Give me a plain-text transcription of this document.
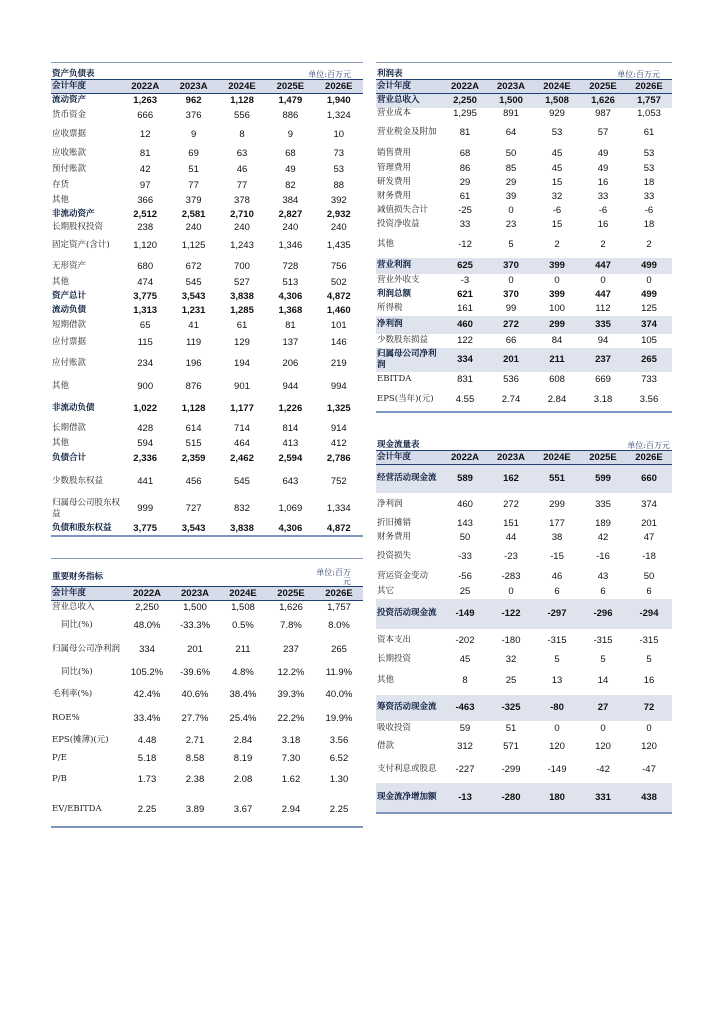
资产负债表	单位:百万元
会计年度	2022A	2023A	2024E	2025E	2026E
流动资产	1,263	962	1,128	1,479	1,940
货币资金	666	376	556	886	1,324
应收票据	12	9	8	9	10
应收账款	81	69	63	68	73
预付账款	42	51	46	49	53
存货	97	77	77	82	88
其他	366	379	378	384	392
非流动资产	2,512	2,581	2,710	2,827	2,932
长期股权投资	238	240	240	240	240
固定资产(含计)	1,120	1,125	1,243	1,346	1,435
无形资产	680	672	700	728	756
其他	474	545	527	513	502
资产总计	3,775	3,543	3,838	4,306	4,872
流动负债	1,313	1,231	1,285	1,368	1,460
短期借款	65	41	61	81	101
应付票据	115	119	129	137	146
应付账款	234	196	194	206	219
其他	900	876	901	944	994
非流动负债	1,022	1,128	1,177	1,226	1,325
长期借款	428	614	714	814	914
其他	594	515	464	413	412
负债合计	2,336	2,359	2,462	2,594	2,786
少数股东权益	441	456	545	643	752
归属母公司股东权益	999	727	832	1,069	1,334
负债和股东权益	3,775	3,543	3,838	4,306	4,872
重要财务指标	单位:百万元
会计年度	2022A	2023A	2024E	2025E	2026E
营业总收入	2,250	1,500	1,508	1,626	1,757
同比(%)	48.0%	-33.3%	0.5%	7.8%	8.0%
归属母公司净利润	334	201	211	237	265
同比(%)	105.2%	-39.6%	4.8%	12.2%	11.9%
毛利率(%)	42.4%	40.6%	38.4%	39.3%	40.0%
ROE%	33.4%	27.7%	25.4%	22.2%	19.9%
EPS(摊薄)(元)	4.48	2.71	2.84	3.18	3.56
P/E	5.18	8.58	8.19	7.30	6.52
P/B	1.73	2.38	2.08	1.62	1.30
EV/EBITDA	2.25	3.89	3.67	2.94	2.25
利润表	单位:百万元
会计年度	2022A	2023A	2024E	2025E	2026E
营业总收入	2,250	1,500	1,508	1,626	1,757
营业成本	1,295	891	929	987	1,053
营业税金及附加	81	64	53	57	61
销售费用	68	50	45	49	53
管理费用	86	85	45	49	53
研发费用	29	29	15	16	18
财务费用	61	39	32	33	33
减值损失合计	-25	0	-6	-6	-6
投资净收益	33	23	15	16	18
其他	-12	5	2	2	2
营业利润	625	370	399	447	499
营业外收支	-3	0	0	0	0
利润总额	621	370	399	447	499
所得税	161	99	100	112	125
净利润	460	272	299	335	374
少数股东损益	122	66	84	94	105
归属母公司净利润	334	201	211	237	265
EBITDA	831	536	608	669	733
EPS(当年)(元)	4.55	2.74	2.84	3.18	3.56
现金流量表	单位:百万元
会计年度	2022A	2023A	2024E	2025E	2026E
经营活动现金流	589	162	551	599	660
净利润	460	272	299	335	374
折旧摊销	143	151	177	189	201
财务费用	50	44	38	42	47
投资损失	-33	-23	-15	-16	-18
营运资金变动	-56	-283	46	43	50
其它	25	0	6	6	6
投资活动现金流	-149	-122	-297	-296	-294
资本支出	-202	-180	-315	-315	-315
长期投资	45	32	5	5	5
其他	8	25	13	14	16
筹资活动现金流	-463	-325	-80	27	72
吸收投资	59	51	0	0	0
借款	312	571	120	120	120
支付利息或股息	-227	-299	-149	-42	-47
现金流净增加额	-13	-280	180	331	438
